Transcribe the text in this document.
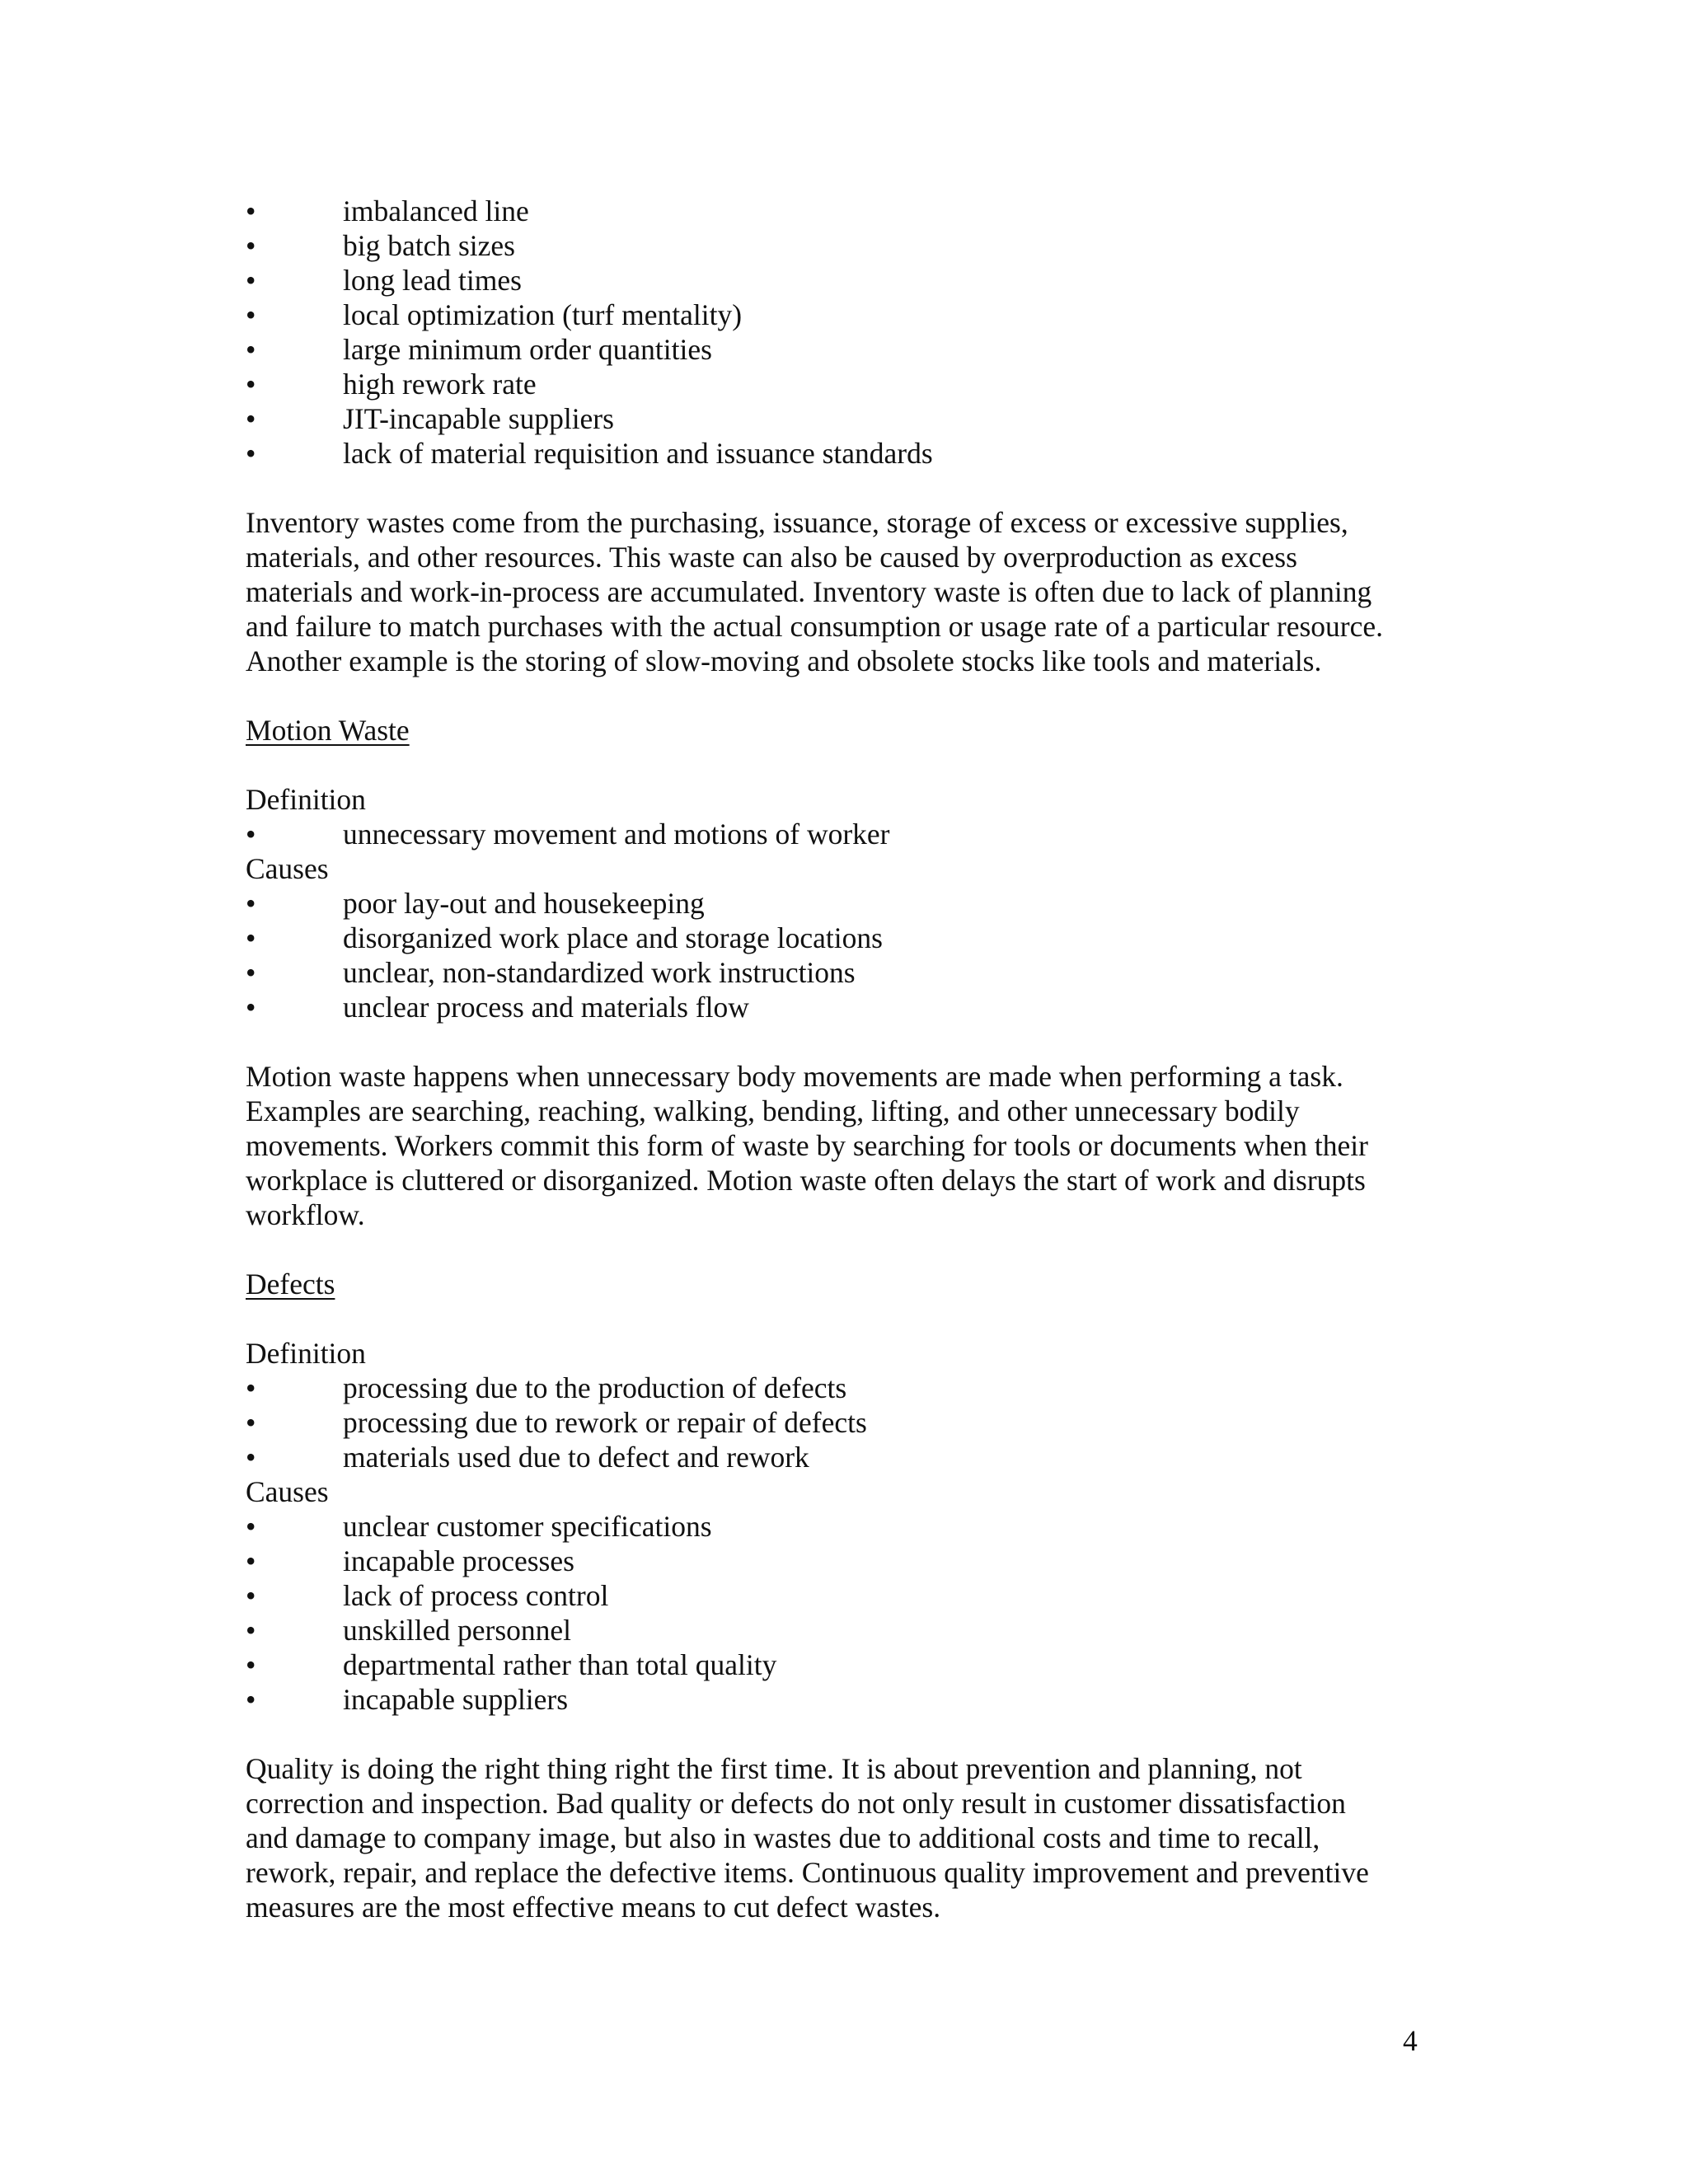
•	imbalanced line
•	big batch sizes
•	long lead times
•	local optimization (turf mentality)
•	large minimum order quantities
•	high rework rate
•	JIT-incapable suppliers
•	lack of material requisition and issuance standards
Inventory wastes come from the purchasing, issuance, storage of excess or excessive supplies,
materials, and other resources. This waste can also be caused by overproduction as excess
materials and work-in-process are accumulated. Inventory waste is often due to lack of planning
and failure to match purchases with the actual consumption or usage rate of a particular resource.
Another example is the storing of slow-moving and obsolete stocks like tools and materials.
Motion Waste
Definition
•	unnecessary movement and motions of worker
Causes
•	poor lay-out and housekeeping
•	disorganized work place and storage locations
•	unclear, non-standardized work instructions
•	unclear process and materials flow
Motion waste happens when unnecessary body movements are made when performing a task.
Examples are searching, reaching, walking, bending, lifting, and other unnecessary bodily
movements. Workers commit this form of waste by searching for tools or documents when their
workplace is cluttered or disorganized. Motion waste often delays the start of work and disrupts
workflow.
Defects
Definition
•	processing due to the production of defects
•	processing due to rework or repair of defects
•	materials used due to defect and rework
Causes
•	unclear customer specifications
•	incapable processes
•	lack of process control
•	unskilled personnel
•	departmental rather than total quality
•	incapable suppliers
Quality is doing the right thing right the first time. It is about prevention and planning, not
correction and inspection. Bad quality or defects do not only result in customer dissatisfaction
and damage to company image, but also in wastes due to additional costs and time to recall,
rework, repair, and replace the defective items. Continuous quality improvement and preventive
measures are the most effective means to cut defect wastes.
4
